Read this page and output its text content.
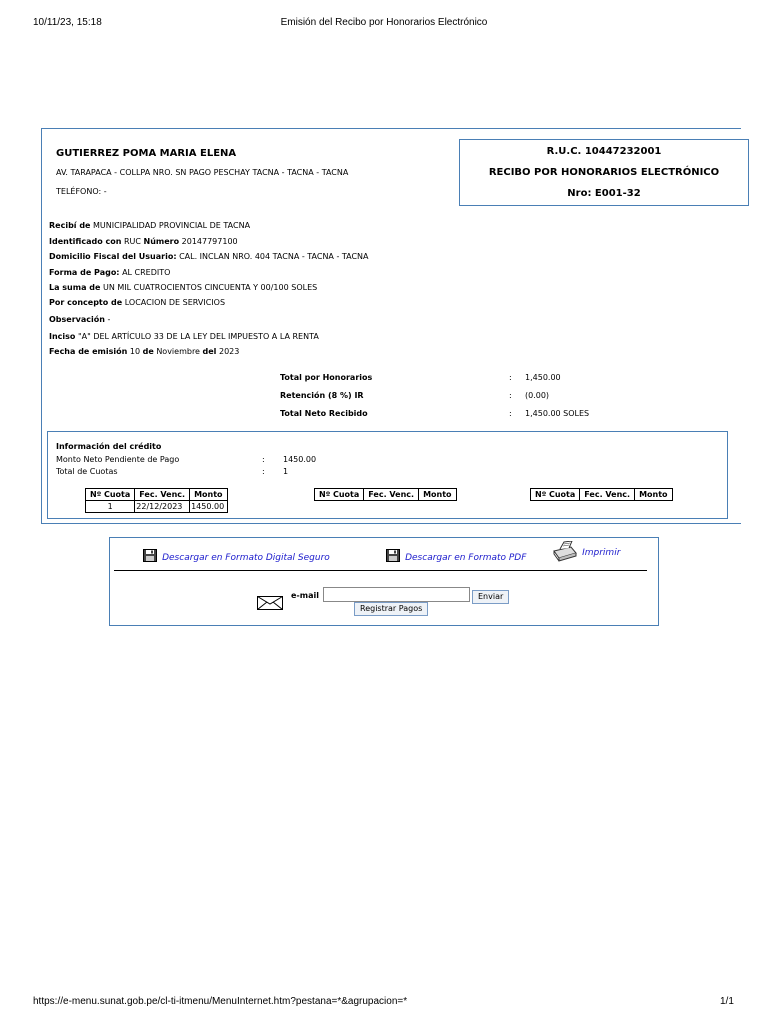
10/11/23, 15:18	Emisión del Recibo por Honorarios Electrónico
https://e-menu.sunat.gob.pe/cl-ti-itmenu/MenuInternet.htm?pestana=*&agrupacion=*	1/1
GUTIERREZ POMA MARIA ELENA
AV. TARAPACA - COLLPA NRO. SN PAGO PESCHAY TACNA - TACNA - TACNA
TELÉFONO: -
R.U.C. 10447232001
RECIBO POR HONORARIOS ELECTRÓNICO
Nro: E001-32
Recibí de MUNICIPALIDAD PROVINCIAL DE TACNA
Identificado con RUC Número 20147797100
Domicilio Fiscal del Usuario: CAL. INCLAN NRO. 404 TACNA - TACNA - TACNA
Forma de Pago: AL CREDITO
La suma de UN MIL CUATROCIENTOS CINCUENTA Y 00/100 SOLES
Por concepto de LOCACION DE SERVICIOS
Observación -
Inciso "A" DEL ARTÍCULO 33 DE LA LEY DEL IMPUESTO A LA RENTA
Fecha de emisión 10 de Noviembre del 2023
Total por Honorarios	: 1,450.00
Retención (8 %) IR	: (0.00)
Total Neto Recibido	: 1,450.00 SOLES
Información del crédito
Monto Neto Pendiente de Pago	: 1450.00
Total de Cuotas	: 1
Nº Cuota	Fec. Venc.	Monto
1	22/12/2023	1450.00
Nº Cuota	Fec. Venc.	Monto	Nº Cuota	Fec. Venc.	Monto
Descargar en Formato Digital Seguro	Descargar en Formato PDF
Imprimir
e-mail	Enviar
Registrar Pagos
